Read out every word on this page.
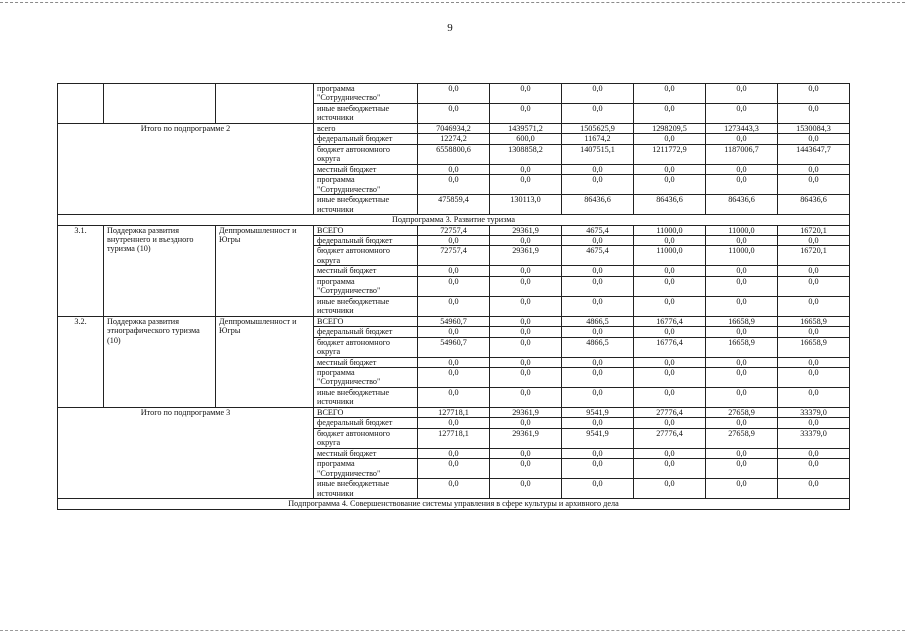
9
			программа "Сотрудничество"	0,0	0,0	0,0	0,0	0,0	0,0
			иные внебюджетные источники	0,0	0,0	0,0	0,0	0,0	0,0
Итого по подпрограмме 2			всего	7046934,2	1439571,2	1505625,9	1298209,5	1273443,3	1530084,3
			федеральный бюджет	12274,2	600,0	11674,2	0,0	0,0	0,0
			бюджет автономного округа	6558800,6	1308858,2	1407515,1	1211772,9	1187006,7	1443647,7
			местный бюджет	0,0	0,0	0,0	0,0	0,0	0,0
			программа "Сотрудничество"	0,0	0,0	0,0	0,0	0,0	0,0
			иные внебюджетные источники	475859,4	130113,0	86436,6	86436,6	86436,6	86436,6
Подпрограмма 3. Развитие туризма									
3.1.	Поддержка развития внутреннего и въездного туризма (10)	Деппромышленност и Югры	ВСЕГО	72757,4	29361,9	4675,4	11000,0	11000,0	16720,1
			федеральный бюджет	0,0	0,0	0,0	0,0	0,0	0,0
			бюджет автономного округа	72757,4	29361,9	4675,4	11000,0	11000,0	16720,1
			местный бюджет	0,0	0,0	0,0	0,0	0,0	0,0
			программа "Сотрудничество"	0,0	0,0	0,0	0,0	0,0	0,0
			иные внебюджетные источники	0,0	0,0	0,0	0,0	0,0	0,0
3.2.	Поддержка развития этнографического туризма (10)	Деппромышленност и Югры	ВСЕГО	54960,7	0,0	4866,5	16776,4	16658,9	16658,9
			федеральный бюджет	0,0	0,0	0,0	0,0	0,0	0,0
			бюджет автономного округа	54960,7	0,0	4866,5	16776,4	16658,9	16658,9
			местный бюджет	0,0	0,0	0,0	0,0	0,0	0,0
			программа "Сотрудничество"	0,0	0,0	0,0	0,0	0,0	0,0
			иные внебюджетные источники	0,0	0,0	0,0	0,0	0,0	0,0
Итого по подпрограмме 3			ВСЕГО	127718,1	29361,9	9541,9	27776,4	27658,9	33379,0
			федеральный бюджет	0,0	0,0	0,0	0,0	0,0	0,0
			бюджет автономного округа	127718,1	29361,9	9541,9	27776,4	27658,9	33379,0
			местный бюджет	0,0	0,0	0,0	0,0	0,0	0,0
			программа "Сотрудничество"	0,0	0,0	0,0	0,0	0,0	0,0
			иные внебюджетные источники	0,0	0,0	0,0	0,0	0,0	0,0
Подпрограмма 4. Совершенствование системы управления в сфере культуры и архивного дела									
